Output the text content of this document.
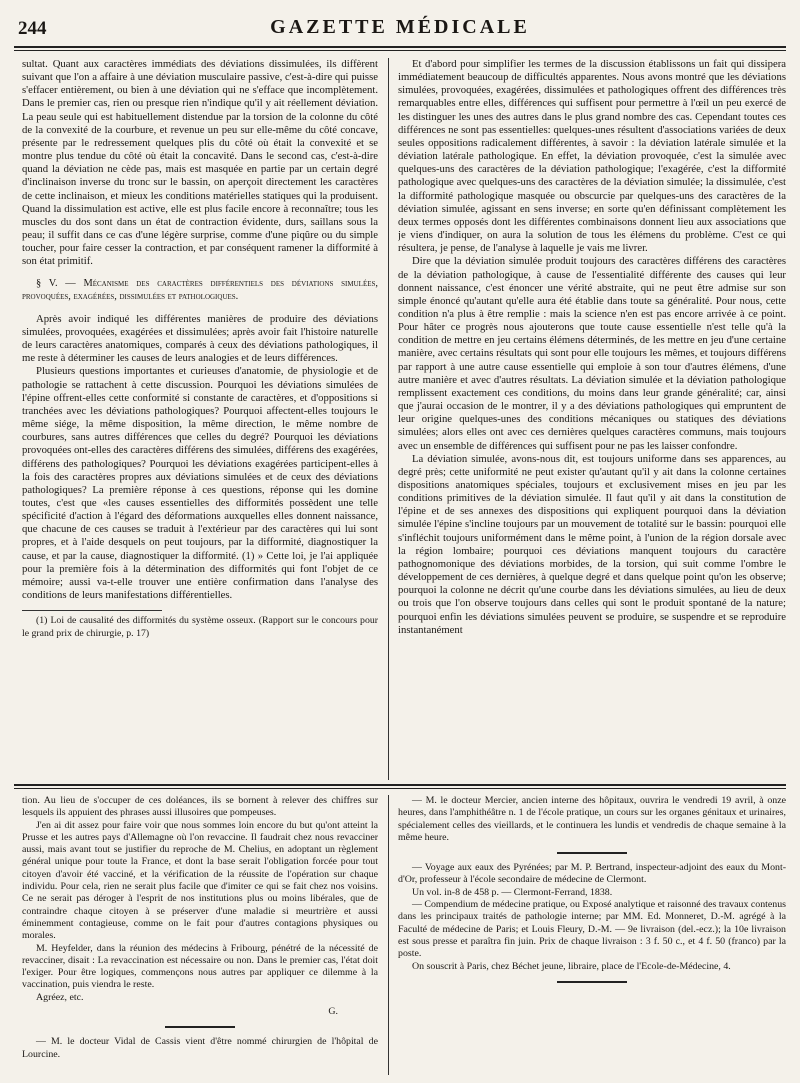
244	GAZETTE MÉDICALE

sultat. Quant aux caractères immédiats des déviations dissimulées, ils diffèrent suivant que l'on a affaire à une déviation musculaire passive, c'est-à-dire qui puisse s'effacer entièrement, ou bien à une déviation qui ne s'efface que incomplètement. Dans le premier cas, rien ou presque rien n'indique qu'il y ait réellement déviation. La peau seule qui est habituellement distendue par la torsion de la colonne du côté de la convexité de la courbure, et revenue un peu sur elle-même du côté concave, présente par le redressement quelques plis du côté où était la convexité et se montre plus tendue du côté où était la concavité. Dans le second cas, c'est-à-dire quand la déviation ne cède pas, mais est masquée en partie par un certain degré d'inclinaison inverse du tronc sur le bassin, on aperçoit directement les caractères de cette inclinaison, et mieux les conditions matérielles statiques qui la produisent. Quand la dissimulation est active, elle est plus facile encore à reconnaître; tous les muscles du dos sont dans un état de contraction évidente, durs, saillans sous la peau; il suffit dans ce cas d'une légère surprise, comme d'une piqûre ou du simple toucher, pour faire cesser la contraction, et par conséquent ramener la difformité à son état primitif.

§ V. — Mécanisme des caractères différentiels des déviations simulées, provoquées, exagérées, dissimulées et pathologiques.

Après avoir indiqué les différentes manières de produire des déviations simulées, provoquées, exagérées et dissimulées; après avoir fait l'histoire naturelle de leurs caractères anatomiques, comparés à ceux des déviations pathologiques, il me reste à déterminer les causes de leurs analogies et de leurs différences.

Plusieurs questions importantes et curieuses d'anatomie, de physiologie et de pathologie se rattachent à cette discussion. Pourquoi les déviations simulées de l'épine offrent-elles cette conformité si constante de caractères, et d'oppositions si tranchées avec les déviations pathologiques? Pourquoi affectent-elles toujours le même siége, la même disposition, la même direction, le même nombre de courbures, sans autres différences que celles du degré? Pourquoi les déviations provoquées ont-elles des caractères différens des simulées, différens des exagérées, différens des pathologiques? Pourquoi les déviations exagérées participent-elles à la fois des caractères propres aux déviations simulées et de ceux des déviations pathologiques? La première réponse à ces questions, réponse qui les domine toutes, c'est que «les causes essentielles des difformités possèdent une telle spécificité d'action à l'égard des déformations auxquelles elles donnent naissance, que chacune de ces causes se traduit à l'extérieur par des caractères qui lui sont propres, et à l'aide desquels on peut toujours, par la difformité, diagnostiquer la cause, et par la cause, diagnostiquer la difformité. (1) » Cette loi, je l'ai appliquée pour la première fois à la détermination des difformités qui font l'objet de ce mémoire; aussi va-t-elle trouver une entière confirmation dans l'analyse des conditions de leurs manifestations différentielles.

(1) Loi de causalité des difformités du système osseux. (Rapport sur le concours pour le grand prix de chirurgie, p. 17)

Et d'abord pour simplifier les termes de la discussion établissons un fait qui dissipera immédiatement beaucoup de difficultés apparentes. Nous avons montré que les déviations simulées, provoquées, exagérées, dissimulées et pathologiques offrent des différences très remarquables entre elles, différences qui suffisent pour permettre à l'œil un peu exercé de les distinguer les unes des autres dans le plus grand nombre des cas. Cependant toutes ces différences ne sont pas essentielles: quelques-unes résultent d'associations variées de deux seules oppositions radicalement différentes, à savoir : la déviation latérale simulée et la déviation latérale pathologique. En effet, la déviation provoquée, c'est la simulée avec quelques-uns des caractères de la déviation pathologique; l'exagérée, c'est la difformité pathologique avec quelques-uns des caractères de la déviation simulée; la dissimulée, c'est la difformité pathologique masquée ou obscurcie par quelques-uns des caractères de la déviation simulée, agissant en sens inverse; en sorte qu'en définissant complètement les deux termes opposés dont les différentes combinaisons donnent lieu aux associations que je viens d'indiquer, on aura la solution de tous les élémens du problème. C'est ce qui résultera, je pense, de l'analyse à laquelle je vais me livrer.

Dire que la déviation simulée produit toujours des caractères différens des caractères de la déviation pathologique, à cause de l'essentialité différente des causes qui leur donnent naissance, c'est énoncer une vérité abstraite, qui ne peut être admise sur son simple énoncé qu'autant qu'elle aura été établie dans toute sa généralité. Pour nous, cette condition n'a plus à être remplie : mais la science n'en est pas encore arrivée à ce point. Pour hâter ce progrès nous ajouterons que toute cause essentielle n'est telle qu'à la condition de mettre en jeu certains élémens déterminés, de les mettre en jeu d'une certaine manière, avec certains résultats qui sont pour elle toujours les mêmes, et toujours différens par rapport à une autre cause essentielle qui emploie à son tour d'autres élémens, d'une autre manière et avec d'autres résultats. La déviation simulée et la déviation pathologique remplissent exactement ces conditions, du moins dans leur grande généralité; car, ainsi que j'aurai occasion de le montrer, il y a des déviations pathologiques qui empruntent de leur origine quelques-unes des conditions mécaniques ou statiques des déviations simulées; alors elles ont avec ces dernières quelques caractères communs, mais toujours avec un ensemble de différences qui suffisent pour ne pas les laisser confondre.

La déviation simulée, avons-nous dit, est toujours uniforme dans ses apparences, au degré près; cette uniformité ne peut exister qu'autant qu'il y ait dans la colonne certaines dispositions anatomiques spéciales, toujours et exclusivement mises en jeu par les conditions primitives de la déviation simulée. Il faut qu'il y ait dans la constitution de l'épine et de ses annexes des dispositions qui expliquent pourquoi dans la déviation simulée l'épine s'incline toujours par un mouvement de totalité sur le bassin: pourquoi elle s'infléchit toujours uniformément dans le même point, à l'union de la région dorsale avec la région lombaire; pourquoi ces déviations manquent toujours du caractère pathognomonique des déviations morbides, de la torsion, qui suit comme l'ombre le développement de ces dernières, à quelque degré et dans quelque point qu'on les observe; pourquoi la colonne ne décrit qu'une courbe dans les déviations simulées, au lieu de deux ou trois que l'on observe toujours dans celles qui sont le produit spontané de la nature; pourquoi enfin les déviations simulées peuvent se produire, se suspendre et se reproduire instantanément

tion. Au lieu de s'occuper de ces doléances, ils se bornent à relever des chiffres sur lesquels ils appuient des phrases aussi illusoires que pompeuses.

J'en ai dit assez pour faire voir que nous sommes loin encore du but qu'ont atteint la Prusse et les autres pays d'Allemagne où l'on revaccine. Il faudrait chez nous revacciner aussi, mais avant tout se justifier du reproche de M. Chelius, en adoptant un règlement général unique pour toute la France, et dont la base serait l'obligation forcée pour tout citoyen d'avoir été vacciné, et la vérification de la réussite de l'opération sur chaque individu. Pour cela, rien ne serait plus facile que d'imiter ce qui se fait chez nos voisins. Ce ne serait pas déroger à l'esprit de nos institutions plus ou moins libérales, que de contraindre chaque citoyen à se préserver d'une maladie si meurtrière et aussi éminemment contagieuse, comme on le fait pour d'autres contagions physiques ou morales.

M. Heyfelder, dans la réunion des médecins à Fribourg, pénétré de la nécessité de revacciner, disait : La revaccination est nécessaire ou non. Dans le premier cas, l'état doit l'exiger. Pour être logiques, commençons nous autres par appliquer ce dilemme à la vaccination, puis viendra le reste.

Agréez, etc.

G.

— M. le docteur Vidal de Cassis vient d'être nommé chirurgien de l'hôpital de Lourcine.

— M. le docteur Mercier, ancien interne des hôpitaux, ouvrira le vendredi 19 avril, à onze heures, dans l'amphithéâtre n. 1 de l'école pratique, un cours sur les organes génitaux et urinaires, spécialement celles des vieillards, et le continuera les lundis et vendredis de chaque semaine à la même heure.

— Voyage aux eaux des Pyrénées; par M. P. Bertrand, inspecteur-adjoint des eaux du Mont-d'Or, professeur à l'école secondaire de médecine de Clermont.

Un vol. in-8 de 458 p. — Clermont-Ferrand, 1838.

— Compendium de médecine pratique, ou Exposé analytique et raisonné des travaux contenus dans les principaux traités de pathologie interne; par MM. Ed. Monneret, D.-M. agrégé à la Faculté de médecine de Paris; et Louis Fleury, D.-M. — 9e livraison (del.-ecz.); la 10e livraison est sous presse et paraîtra fin juin. Prix de chaque livraison : 3 f. 50 c., et 4 f. 50 (franco) par la poste.

On souscrit à Paris, chez Béchet jeune, libraire, place de l'Ecole-de-Médecine, 4.
